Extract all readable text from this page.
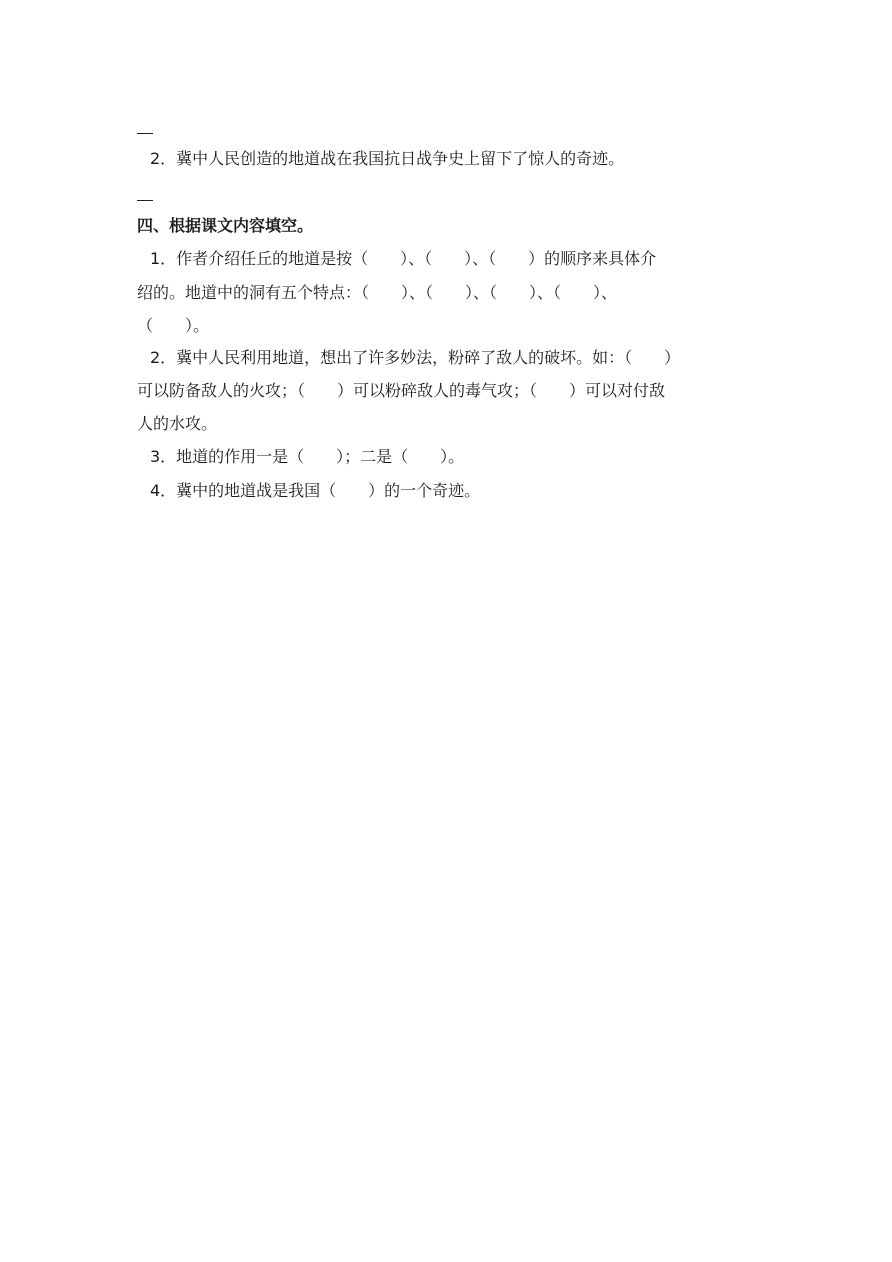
2．冀中人民创造的地道战在我国抗日战争史上留下了惊人的奇迹。
四、根据课文内容填空。
1．作者介绍任丘的地道是按（　　）、（　　）、（　　）的顺序来具体介
绍的。地道中的洞有五个特点：（　　）、（　　）、（　　）、（　　）、
（　　）。
2．冀中人民利用地道，想出了许多妙法，粉碎了敌人的破坏。如：（　　）
可以防备敌人的火攻；（　　）可以粉碎敌人的毒气攻；（　　）可以对付敌
人的水攻。
3．地道的作用一是（　　）；二是（　　）。
4．冀中的地道战是我国（　　）的一个奇迹。
